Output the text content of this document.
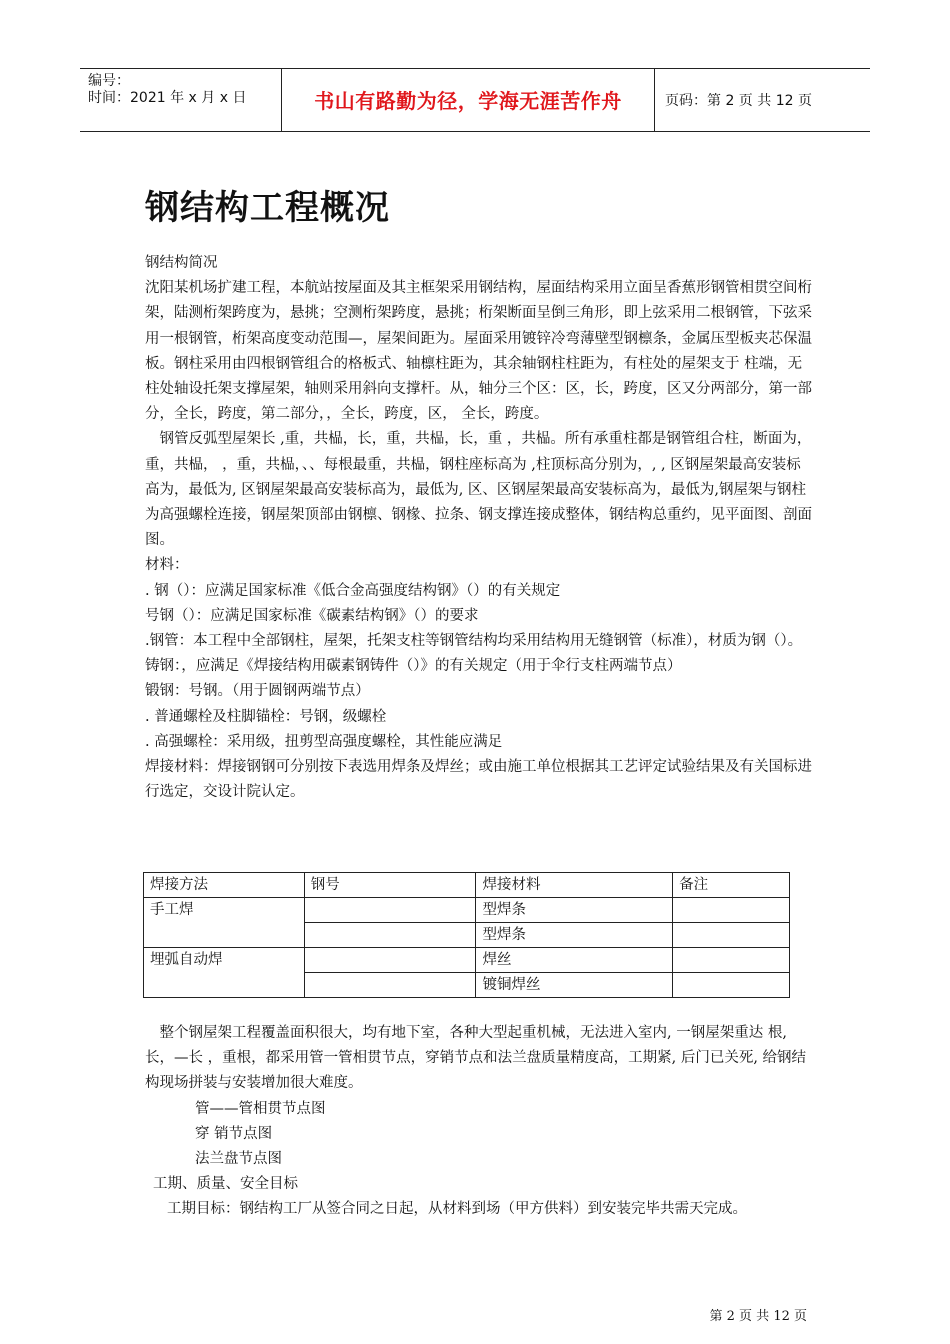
编号：
时间：2021 年 x 月 x 日	书山有路勤为径，学海无涯苦作舟	页码：第 2 页 共 12 页
钢结构工程概况

钢结构简况

沈阳某机场扩建工程，本航站按屋面及其主框架采用钢结构，屋面结构采用立面呈香蕉形钢管相贯空间桁架，陆测桁架跨度为，悬挑；空测桁架跨度，悬挑；桁架断面呈倒三角形，即上弦采用二根钢管，下弦采用一根钢管，桁架高度变动范围—，屋架间距为。屋面采用镀锌冷弯薄壁型钢檩条，金属压型板夹芯保温板。钢柱采用由四根钢管组合的格板式、轴檩柱距为，其余轴钢柱柱距为，有柱处的屋架支于 柱端，无柱处轴设托架支撑屋架，轴则采用斜向支撑杆。从，轴分三个区：区，长，跨度，区又分两部分，第一部分，全长，跨度，第二部分，，全长，跨度，区， 全长，跨度。

钢管反弧型屋架长 ,重，共榀，长，重，共榀，长，重 ，共榀。所有承重柱都是钢管组合柱，断面为，重，共榀， ，重，共榀，、、每根最重，共榀，钢柱座标高为 ,柱顶标高分别为，, , 区钢屋架最高安装标高为，最低为, 区钢屋架最高安装标高为，最低为, 区、区钢屋架最高安装标高为，最低为,钢屋架与钢柱为高强螺栓连接，钢屋架顶部由钢檩、钢椽、拉条、钢支撑连接成整体，钢结构总重约，见平面图、剖面图。

材料：

. 钢（）：应满足国家标准《低合金高强度结构钢》（）的有关规定

号钢（）：应满足国家标准《碳素结构钢》（）的要求

.钢管：本工程中全部钢柱，屋架，托架支柱等钢管结构均采用结构用无缝钢管（标准），材质为钢（）。

铸钢：，应满足《焊接结构用碳素钢铸件（）》的有关规定（用于伞行支柱两端节点）

锻钢：号钢。（用于圆钢两端节点）

. 普通螺栓及柱脚锚栓：号钢，级螺栓

. 高强螺栓：采用级，扭剪型高强度螺栓，其性能应满足

焊接材料：焊接钢钢可分别按下表选用焊条及焊丝；或由施工单位根据其工艺评定试验结果及有关国标进行选定，交设计院认定。

焊接方法	钢号	焊接材料	备注
手工焊		型焊条	
		型焊条	
埋弧自动焊		焊丝	
		镀铜焊丝	

整个钢屋架工程覆盖面积很大，均有地下室，各种大型起重机械，无法进入室内, 一钢屋架重达 根, 长，—长 ，重根，都采用管一管相贯节点，穿销节点和法兰盘质量精度高，工期紧, 后门已关死, 给钢结构现场拼装与安装增加很大难度。

管——管相贯节点图

穿 销节点图

法兰盘节点图

工期、质量、安全目标

工期目标：钢结构工厂从签合同之日起，从材料到场（甲方供料）到安装完毕共需天完成。

第 2 页 共 12 页
